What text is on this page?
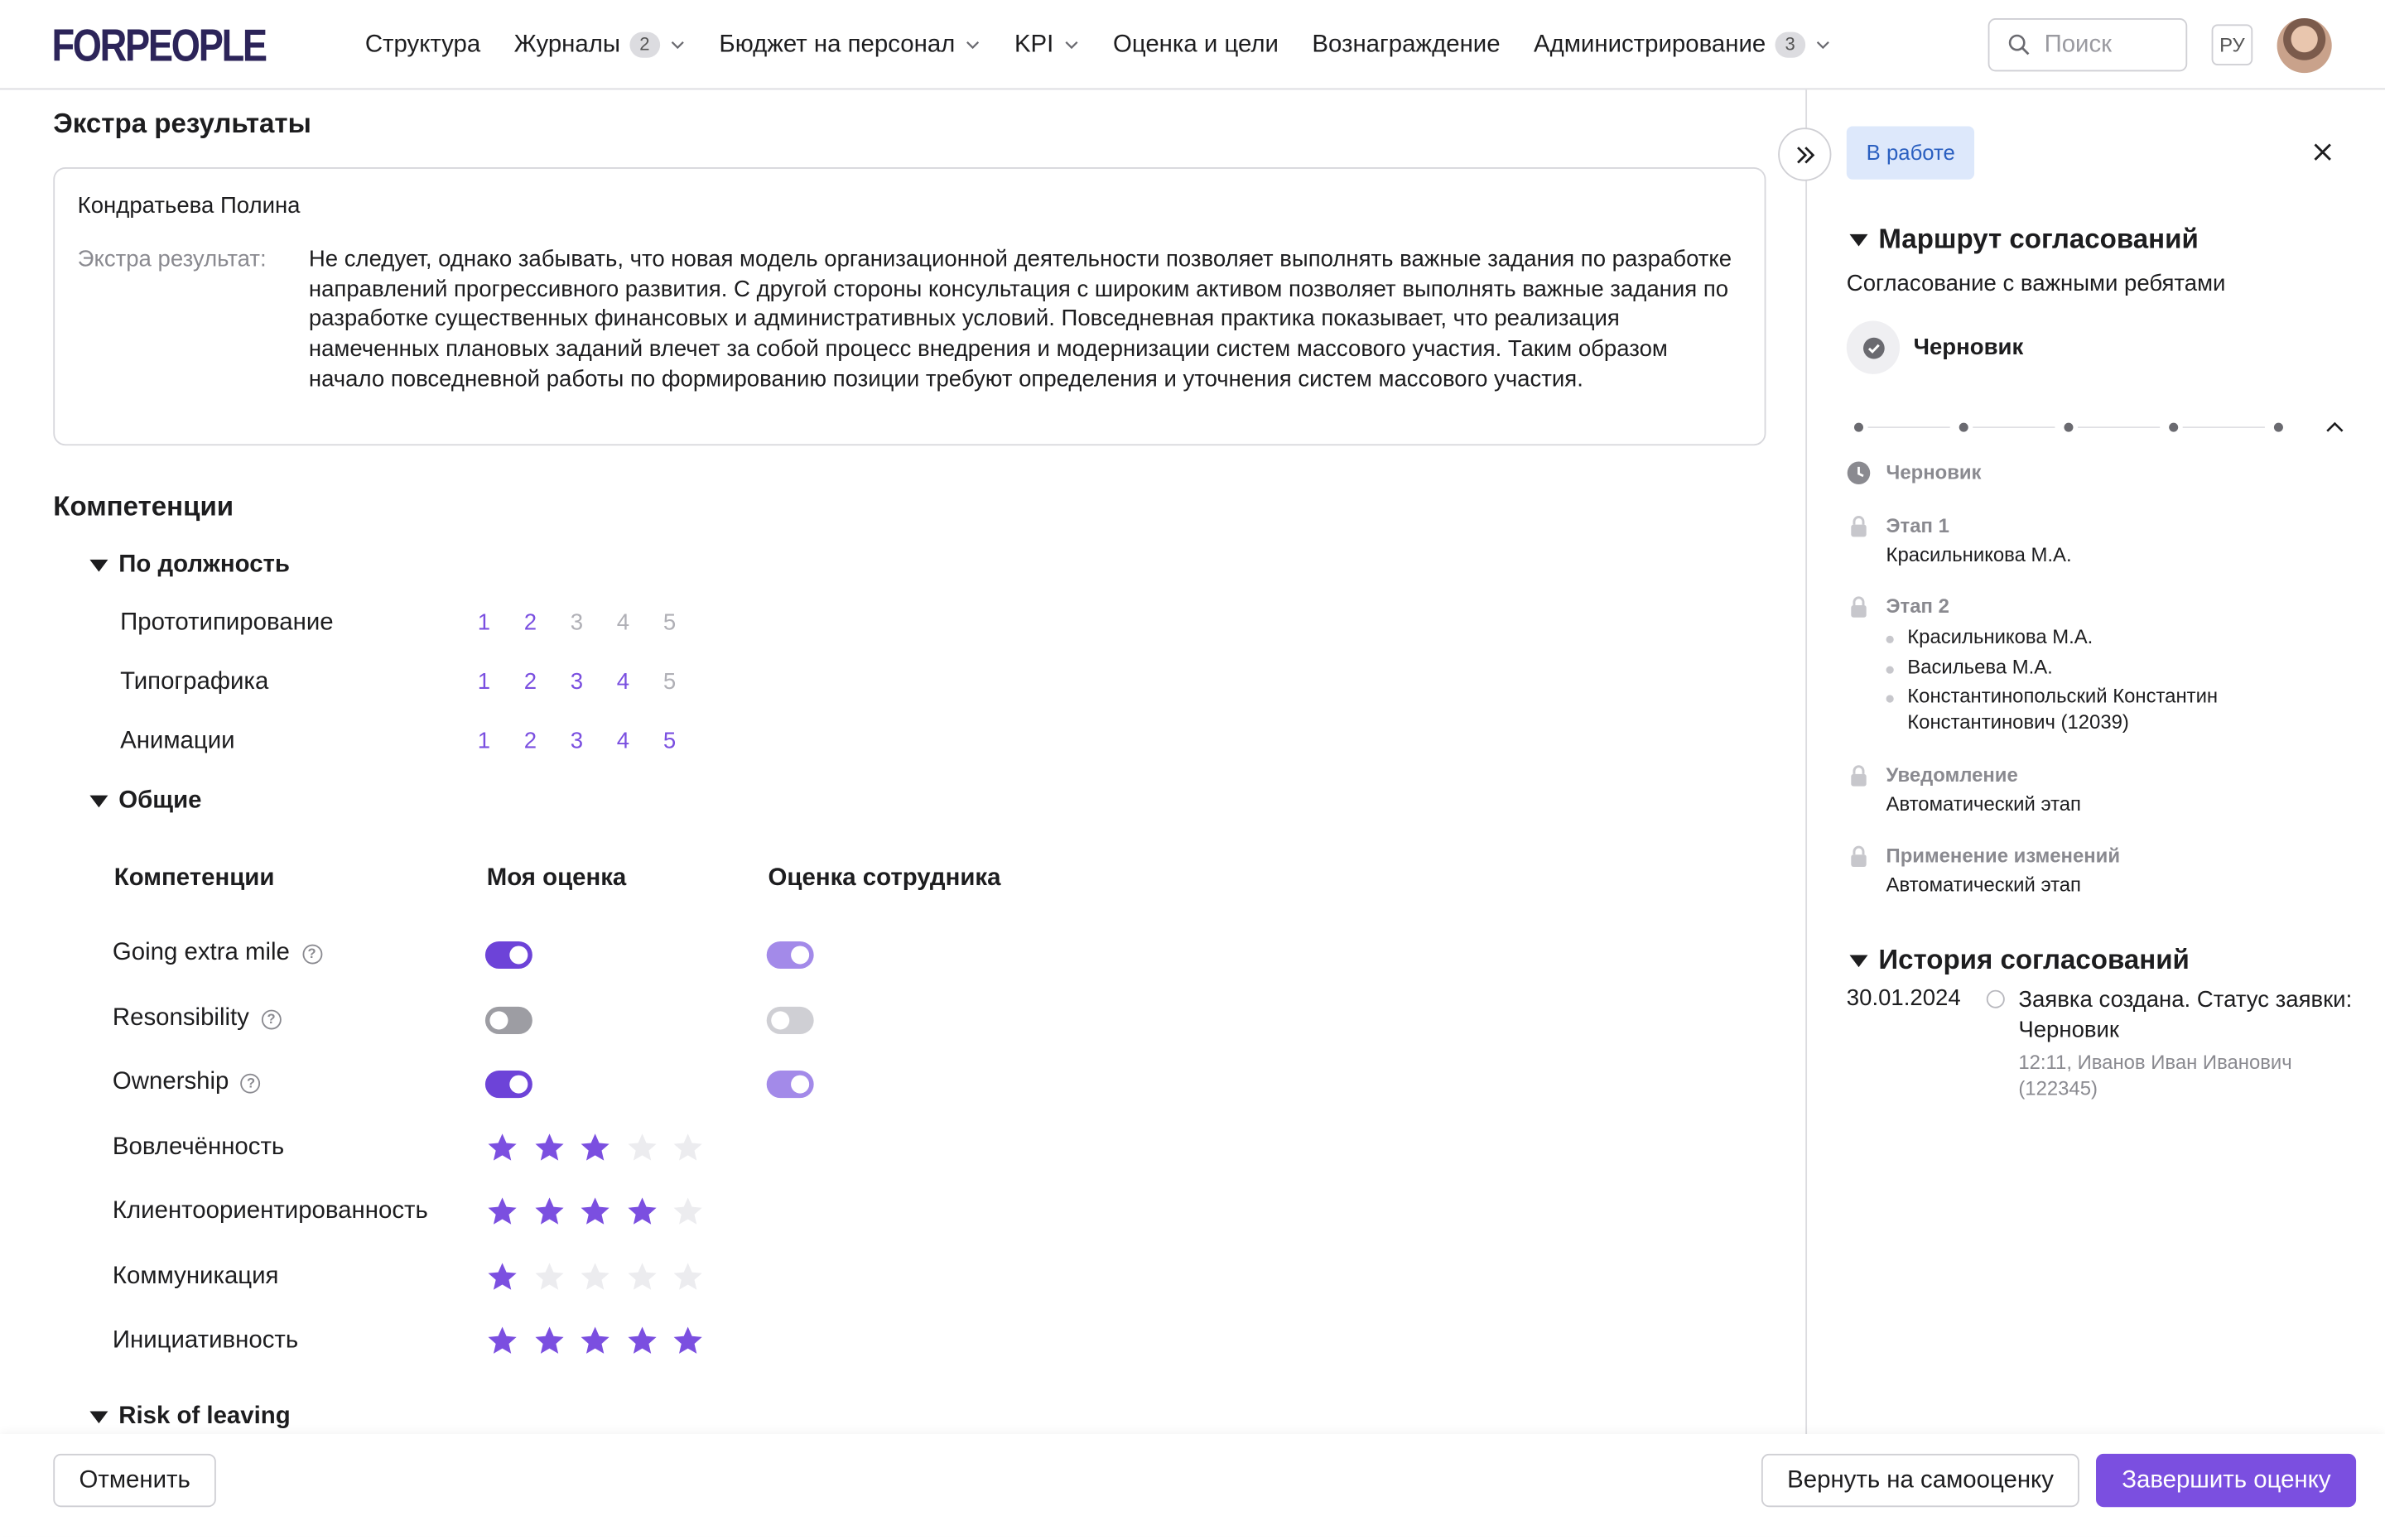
FORPEOPLE	Структура	Журналы	2	Бюджет на персонал	KPI	Оценка и цели	Вознаграждение	Администрирование	3
Поиск	РУ
Экстра результаты
Кондратьева Полина
Экстра результат:	Не следует, однако забывать, что новая модель организационной деятельности позволяет выполнять важные задания по разработке направлений прогрессивного развития. С другой стороны консультация с широким активом позволяет выполнять важные задания по разработке существенных финансовых и административных условий. Повседневная практика показывает, что реализация намеченных плановых заданий влечет за собой процесс внедрения и модернизации систем массового участия. Таким образом начало повседневной работы по формированию позиции требуют определения и уточнения систем массового участия.
Компетенции
По должность
Прототипирование	1	2	3	4	5
Типографика	1	2	3	4	5
Анимации	1	2	3	4	5
Общие
Компетенции	Моя оценка	Оценка сотрудника
Going extra mile	?
Resonsibility	?
Ownership	?
Вовлечённость
Клиентоориентированность
Коммуникация
Инициативность
Risk of leaving
В работе
Маршрут согласований
Согласование с важными ребятами
Черновик
Черновик
Этап 1
Красильникова М.А.
Этап 2
Красильникова М.А.
Васильева М.А.
Константинопольский Константин Константинович (12039)
Уведомление
Автоматический этап
Применение изменений
Автоматический этап
История согласований
30.01.2024	Заявка создана. Статус заявки: Черновик
12:11, Иванов Иван Иванович (122345)
Отменить	Вернуть на самооценку	Завершить оценку
